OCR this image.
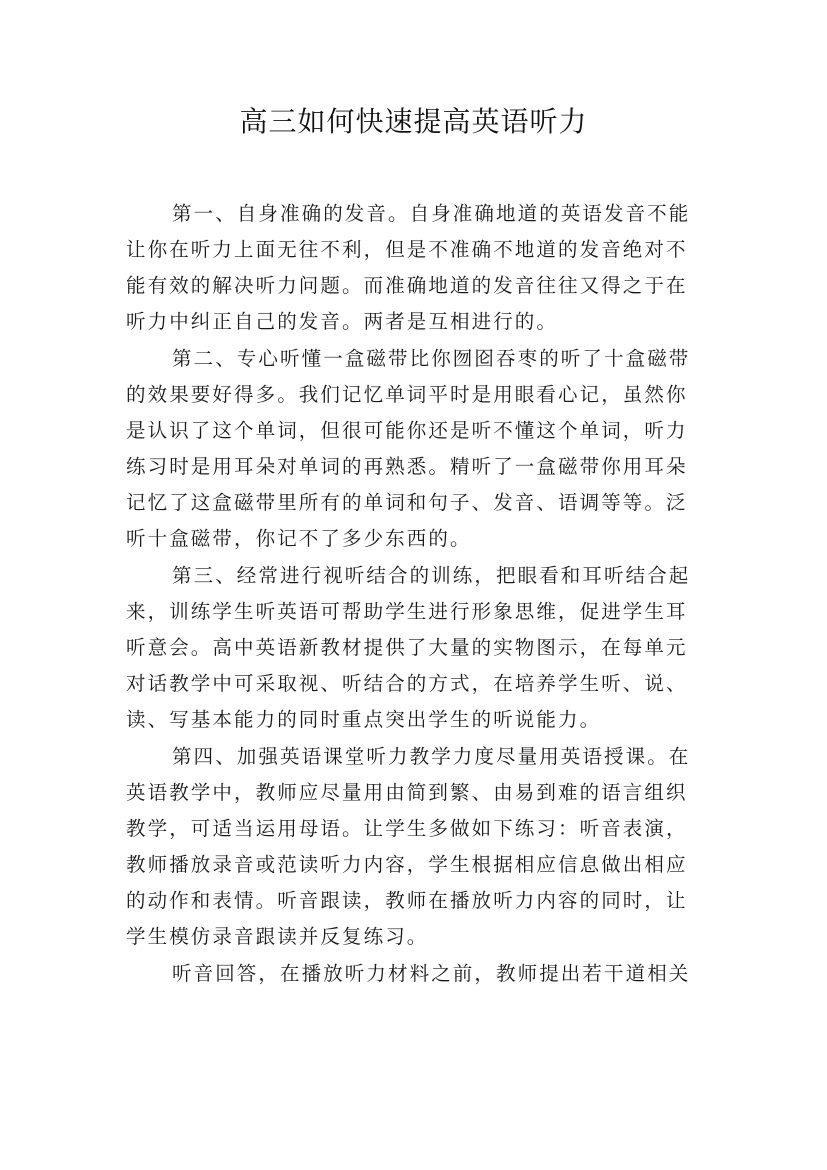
高三如何快速提高英语听力
第一、自身准确的发音。自身准确地道的英语发音不能
让你在听力上面无往不利，但是不准确不地道的发音绝对不
能有效的解决听力问题。而准确地道的发音往往又得之于在
听力中纠正自己的发音。两者是互相进行的。
第二、专心听懂一盒磁带比你囫囵吞枣的听了十盒磁带
的效果要好得多。我们记忆单词平时是用眼看心记，虽然你
是认识了这个单词，但很可能你还是听不懂这个单词，听力
练习时是用耳朵对单词的再熟悉。精听了一盒磁带你用耳朵
记忆了这盒磁带里所有的单词和句子、发音、语调等等。泛
听十盒磁带，你记不了多少东西的。
第三、经常进行视听结合的训练，把眼看和耳听结合起
来，训练学生听英语可帮助学生进行形象思维，促进学生耳
听意会。高中英语新教材提供了大量的实物图示，在每单元
对话教学中可采取视、听结合的方式，在培养学生听、说、
读、写基本能力的同时重点突出学生的听说能力。
第四、加强英语课堂听力教学力度尽量用英语授课。在
英语教学中，教师应尽量用由简到繁、由易到难的语言组织
教学，可适当运用母语。让学生多做如下练习：听音表演，
教师播放录音或范读听力内容，学生根据相应信息做出相应
的动作和表情。听音跟读，教师在播放听力内容的同时，让
学生模仿录音跟读并反复练习。
听音回答，在播放听力材料之前，教师提出若干道相关
